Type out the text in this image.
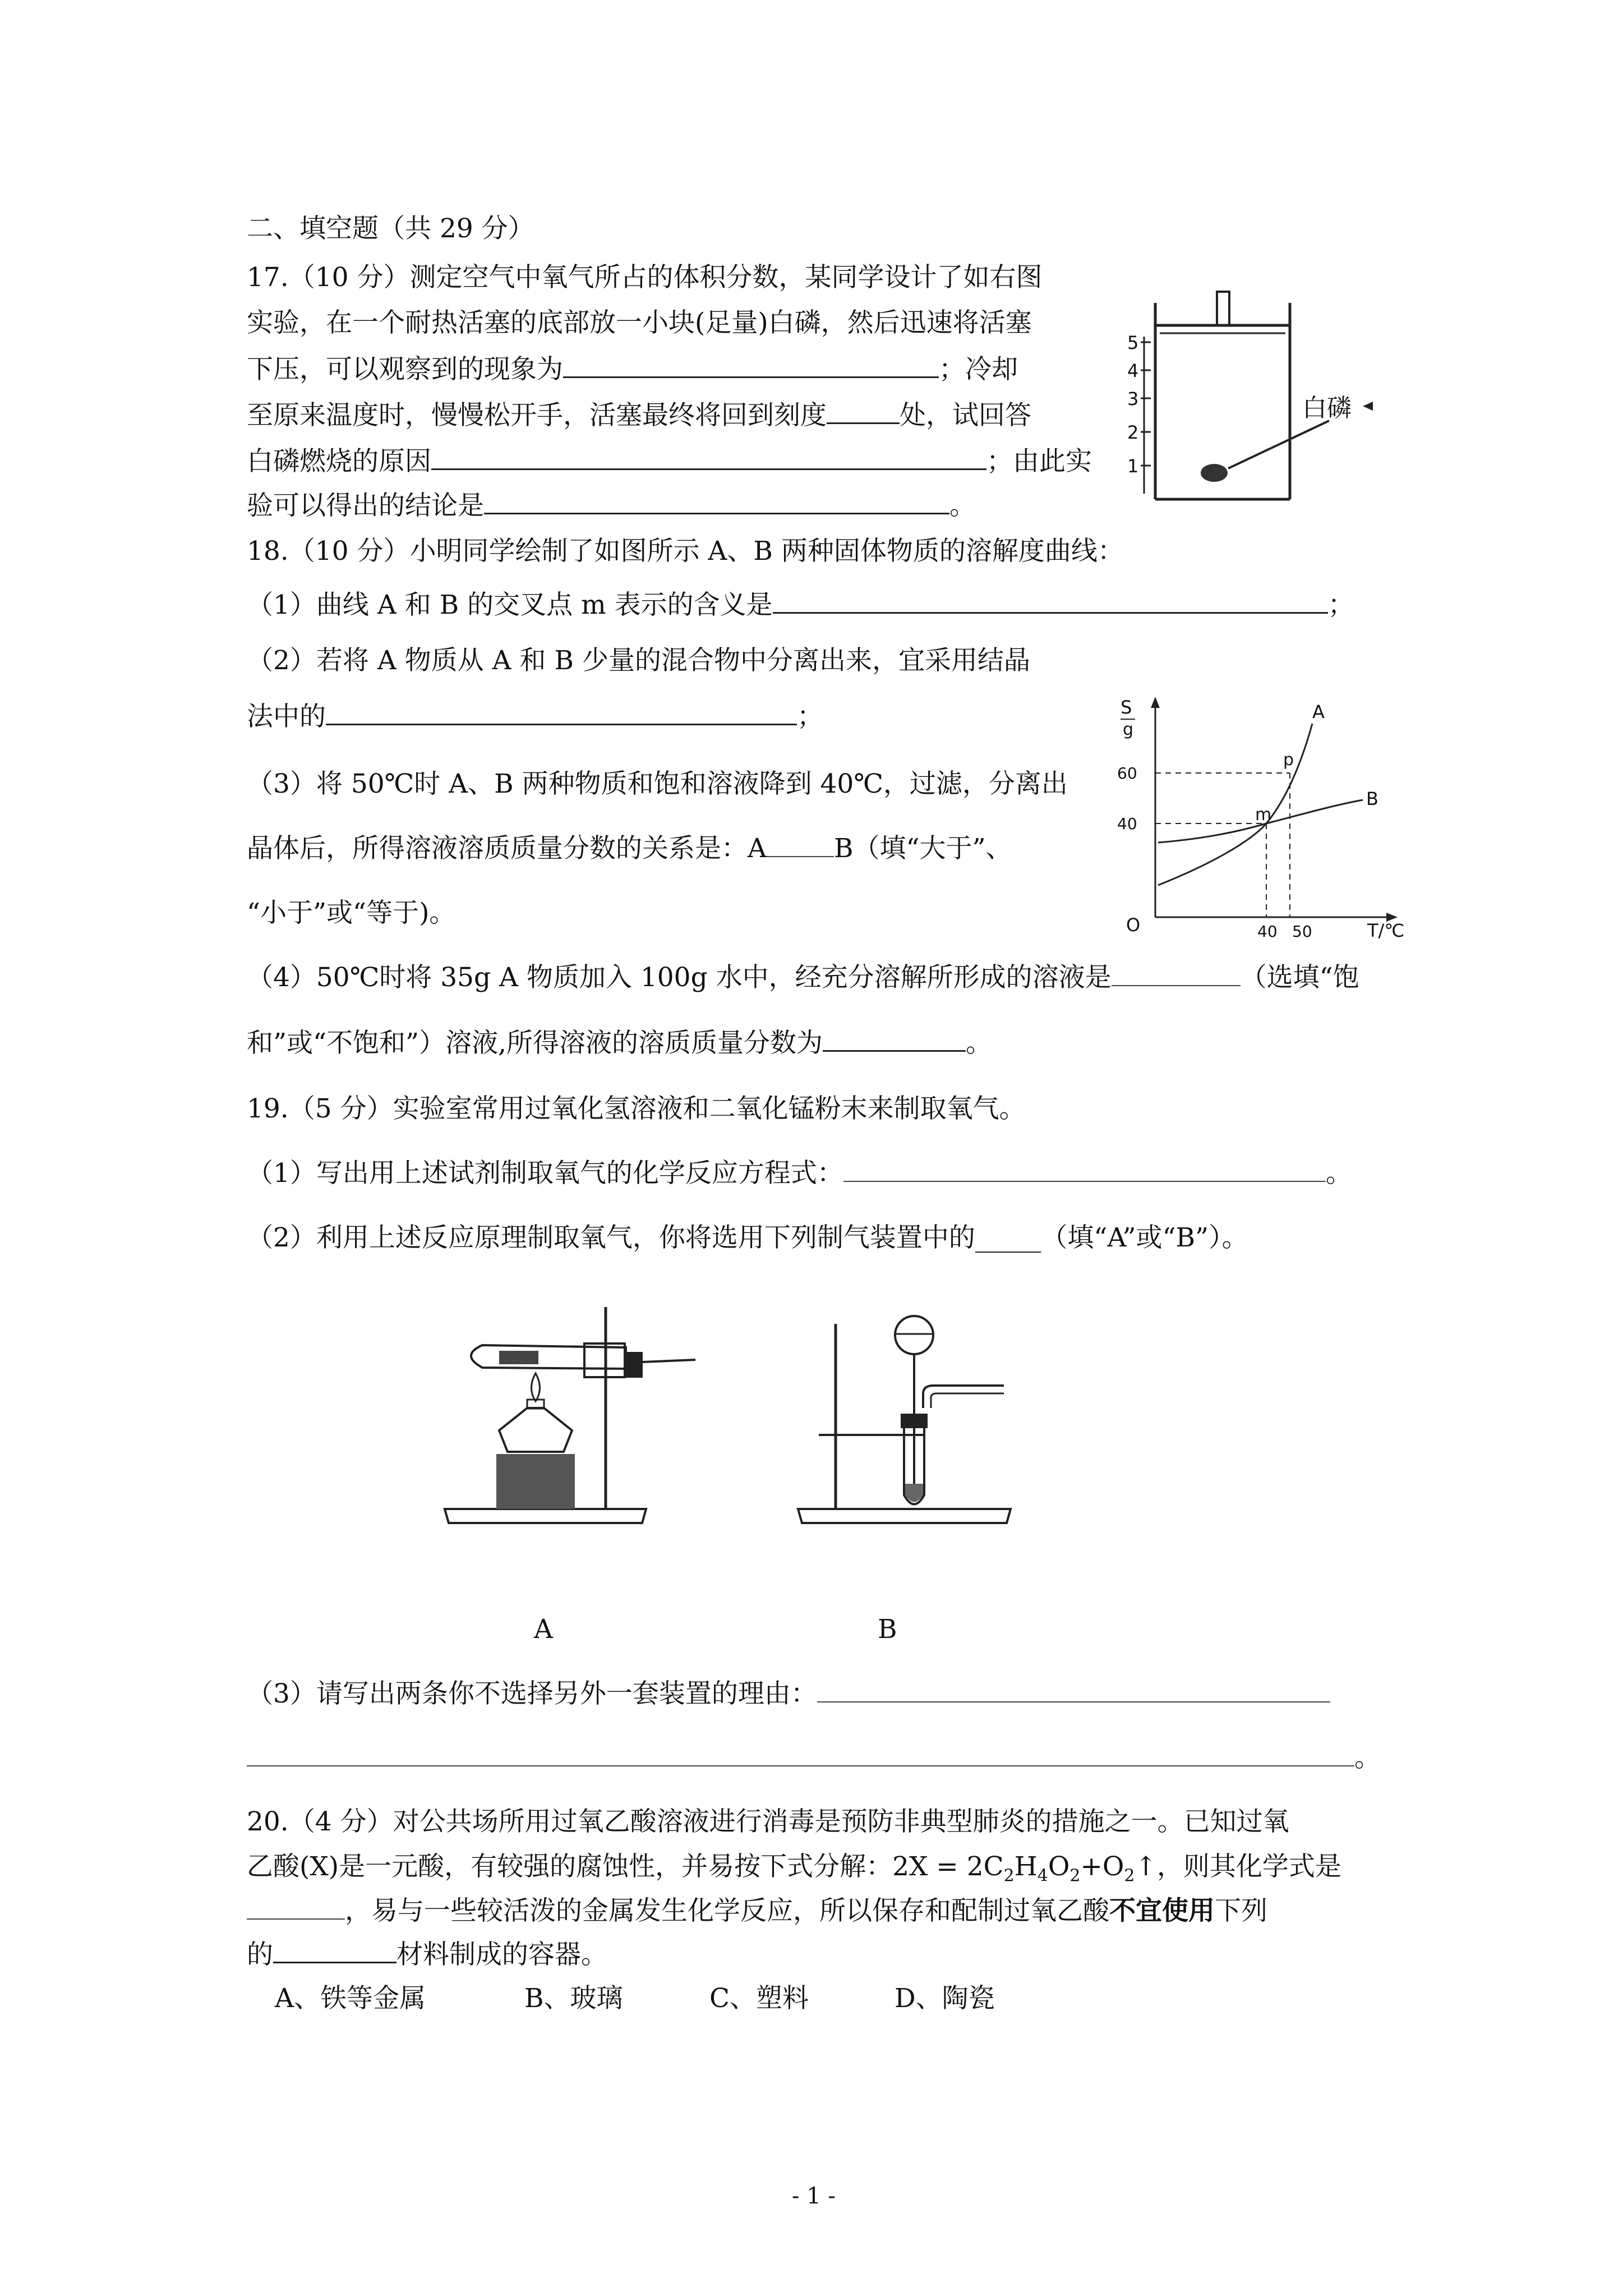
二、填空题（共 29 分）
17.（10 分）测定空气中氧气所占的体积分数，某同学设计了如右图
实验，在一个耐热活塞的底部放一小块(足量)白磷，然后迅速将活塞
下压，可以观察到的现象为	；冷却
至原来温度时，慢慢松开手，活塞最终将回到刻度	处，试回答
白磷燃烧的原因	；由此实
验可以得出的结论是	。
5
4
3
2
1
白磷
18.（10 分）小明同学绘制了如图所示 A、B 两种固体物质的溶解度曲线：
（1）曲线 A 和 B 的交叉点 m 表示的含义是	；
（2）若将 A 物质从 A 和 B 少量的混合物中分离出来，宜采用结晶
法中的	；
（3）将 50℃时 A、B 两种物质和饱和溶液降到 40℃，过滤，分离出
晶体后，所得溶液溶质质量分数的关系是：A	B（填“大于”、
“小于”或“等于)。
（4）50℃时将 35g A 物质加入 100g 水中，经充分溶解所形成的溶液是	（选填“饱
和”或“不饱和”）溶液,所得溶液的溶质质量分数为	。
S
g
O	T/℃
60
40
40 50
A
B
p
m
19.（5 分）实验室常用过氧化氢溶液和二氧化锰粉末来制取氧气。
（1）写出用上述试剂制取氧气的化学反应方程式：	。
（2）利用上述反应原理制取氧气，你将选用下列制气装置中的_____（填“A”或“B”）。
A	B
（3）请写出两条你不选择另外一套装置的理由：
。
20.（4 分）对公共场所用过氧乙酸溶液进行消毒是预防非典型肺炎的措施之一。已知过氧
乙酸(X)是一元酸，有较强的腐蚀性，并易按下式分解：$2X = 2C_2H_4O_2+O_2↑$，则其化学式是
，易与一些较活泼的金属发生化学反应，所以保存和配制过氧乙酸不宜使用下列
的	材料制成的容器。
A、铁等金属	B、玻璃	C、塑料	D、陶瓷
- 1 -
